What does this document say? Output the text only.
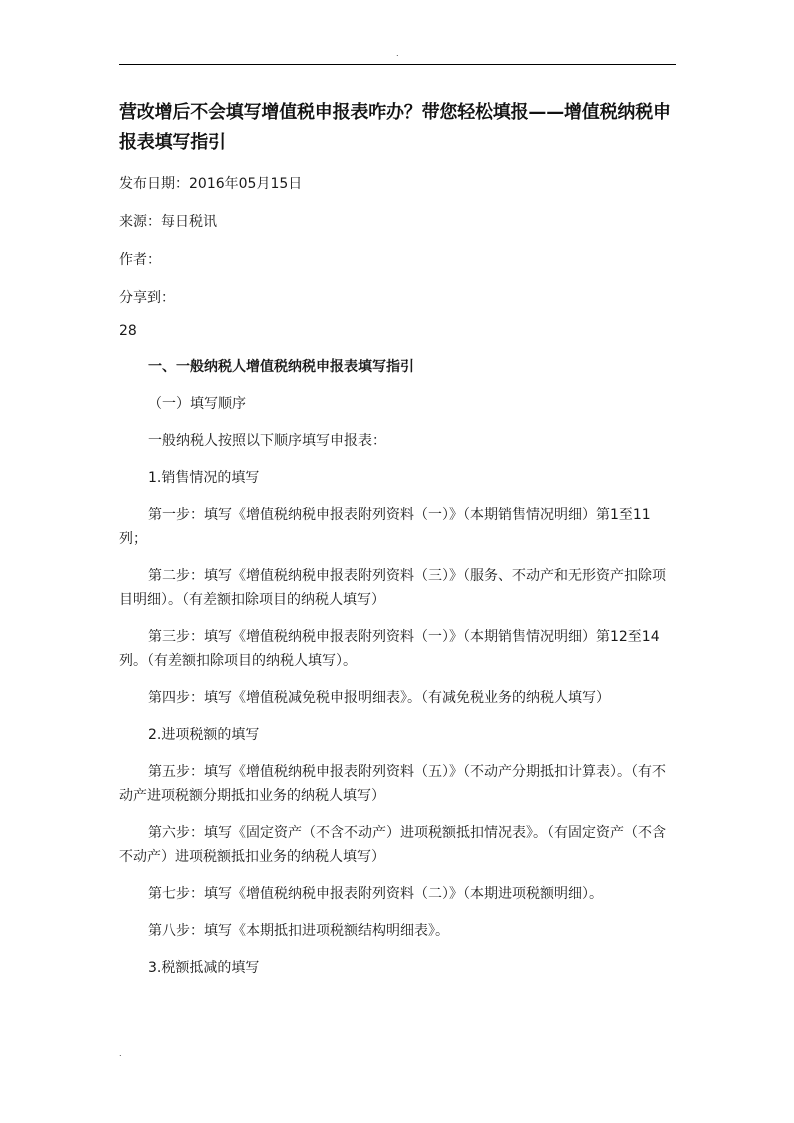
.
营改增后不会填写增值税申报表咋办？带您轻松填报——增值税纳税申报表填写指引

发布日期：2016年05月15日

来源：每日税讯

作者：

分享到：

28

一、一般纳税人增值税纳税申报表填写指引

（一）填写顺序

一般纳税人按照以下顺序填写申报表：

1.销售情况的填写

第一步：填写《增值税纳税申报表附列资料（一）》（本期销售情况明细）第1至11列；

第二步：填写《增值税纳税申报表附列资料（三）》（服务、不动产和无形资产扣除项目明细）。（有差额扣除项目的纳税人填写）

第三步：填写《增值税纳税申报表附列资料（一）》（本期销售情况明细）第12至14列。（有差额扣除项目的纳税人填写）。

第四步：填写《增值税减免税申报明细表》。（有减免税业务的纳税人填写）

2.进项税额的填写

第五步：填写《增值税纳税申报表附列资料（五）》（不动产分期抵扣计算表）。（有不动产进项税额分期抵扣业务的纳税人填写）

第六步：填写《固定资产（不含不动产）进项税额抵扣情况表》。（有固定资产（不含不动产）进项税额抵扣业务的纳税人填写）

第七步：填写《增值税纳税申报表附列资料（二）》（本期进项税额明细）。

第八步：填写《本期抵扣进项税额结构明细表》。

3.税额抵减的填写

.
